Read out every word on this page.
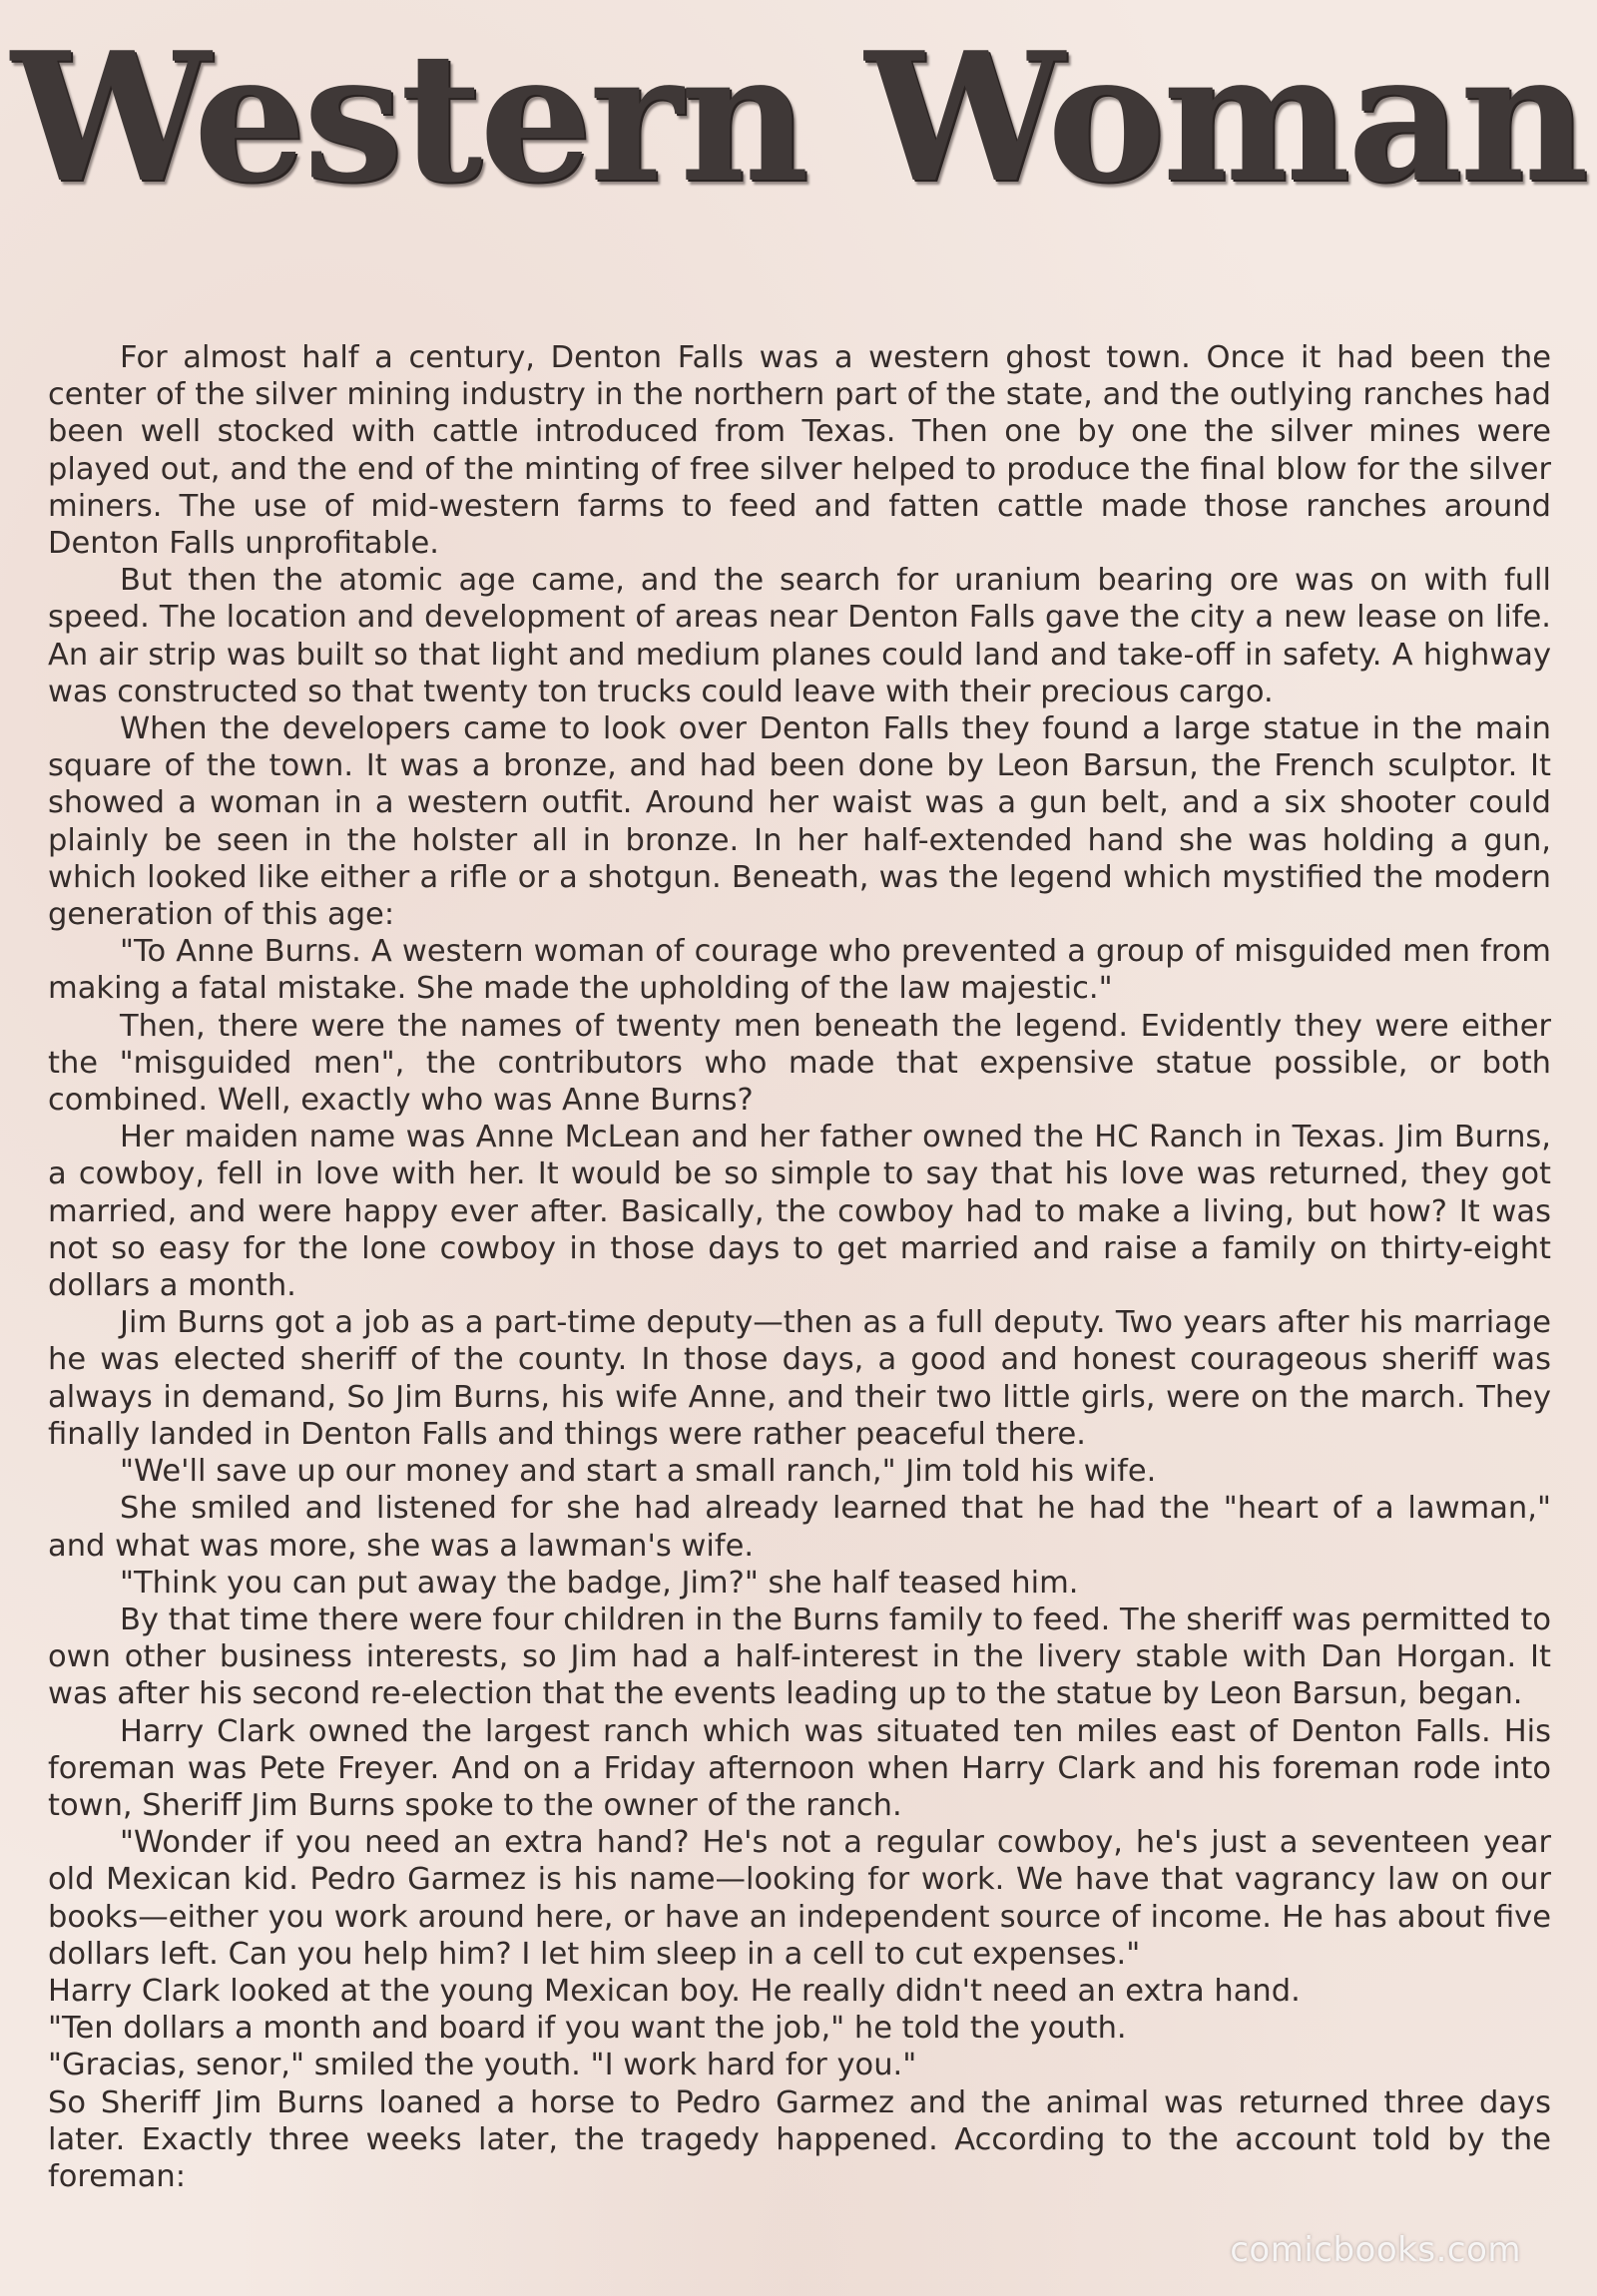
Western Woman

For almost half a century, Denton Falls was a western ghost town. Once it had been the center of the silver mining industry in the northern part of the state, and the outlying ranches had been well stocked with cattle introduced from Texas. Then one by one the silver mines were played out, and the end of the minting of free silver helped to produce the final blow for the silver miners. The use of mid-western farms to feed and fatten cattle made those ranches around Denton Falls unprofitable.

But then the atomic age came, and the search for uranium bearing ore was on with full speed. The location and development of areas near Denton Falls gave the city a new lease on life. An air strip was built so that light and medium planes could land and take-off in safety. A highway was constructed so that twenty ton trucks could leave with their precious cargo.

When the developers came to look over Denton Falls they found a large statue in the main square of the town. It was a bronze, and had been done by Leon Barsun, the French sculptor. It showed a woman in a western outfit. Around her waist was a gun belt, and a six shooter could plainly be seen in the holster all in bronze. In her half-extended hand she was holding a gun, which looked like either a rifle or a shotgun. Beneath, was the legend which mystified the modern generation of this age:

"To Anne Burns. A western woman of courage who prevented a group of misguided men from making a fatal mistake. She made the upholding of the law majestic."

Then, there were the names of twenty men beneath the legend. Evidently they were either the "misguided men", the contributors who made that expensive statue possible, or both combined. Well, exactly who was Anne Burns?

Her maiden name was Anne McLean and her father owned the HC Ranch in Texas. Jim Burns, a cowboy, fell in love with her. It would be so simple to say that his love was returned, they got married, and were happy ever after. Basically, the cowboy had to make a living, but how? It was not so easy for the lone cowboy in those days to get married and raise a family on thirty-eight dollars a month.

Jim Burns got a job as a part-time deputy—then as a full deputy. Two years after his marriage he was elected sheriff of the county. In those days, a good and honest courageous sheriff was always in demand, So Jim Burns, his wife Anne, and their two little girls, were on the march. They finally landed in Denton Falls and things were rather peaceful there.

"We'll save up our money and start a small ranch," Jim told his wife.

She smiled and listened for she had already learned that he had the "heart of a lawman," and what was more, she was a lawman's wife.

"Think you can put away the badge, Jim?" she half teased him.

By that time there were four children in the Burns family to feed. The sheriff was permitted to own other business interests, so Jim had a half-interest in the livery stable with Dan Horgan. It was after his second re-election that the events leading up to the statue by Leon Barsun, began.

Harry Clark owned the largest ranch which was situated ten miles east of Denton Falls. His foreman was Pete Freyer. And on a Friday afternoon when Harry Clark and his foreman rode into town, Sheriff Jim Burns spoke to the owner of the ranch.

"Wonder if you need an extra hand? He's not a regular cowboy, he's just a seventeen year old Mexican kid. Pedro Garmez is his name—looking for work. We have that vagrancy law on our books—either you work around here, or have an independent source of income. He has about five dollars left. Can you help him? I let him sleep in a cell to cut expenses."

Harry Clark looked at the young Mexican boy. He really didn't need an extra hand.

"Ten dollars a month and board if you want the job," he told the youth.

"Gracias, senor," smiled the youth. "I work hard for you."

So Sheriff Jim Burns loaned a horse to Pedro Garmez and the animal was returned three days later. Exactly three weeks later, the tragedy happened. According to the account told by the foreman:

comicbooks.com
